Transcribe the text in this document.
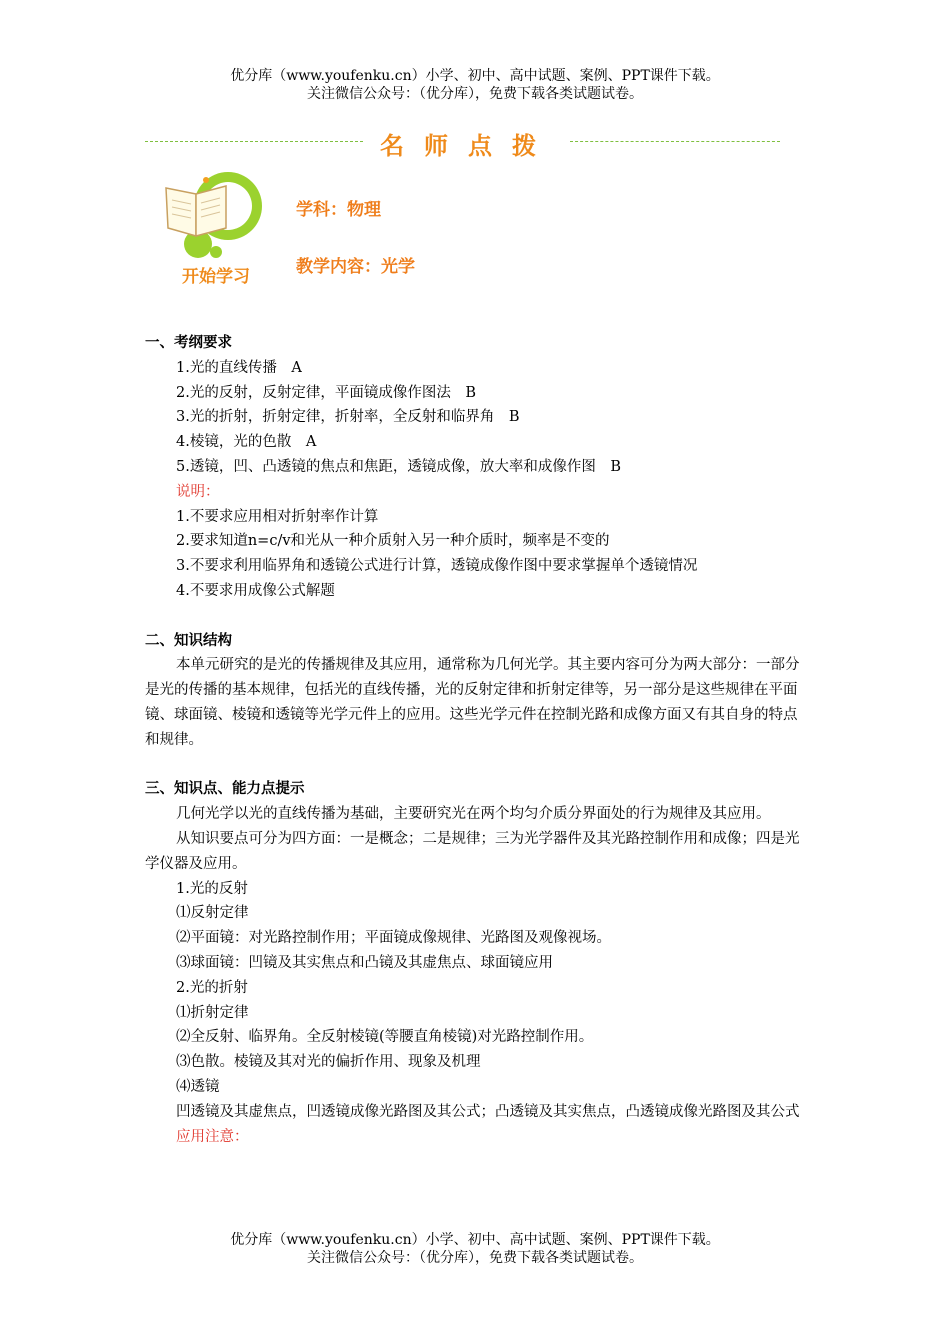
优分库（www.youfenku.cn）小学、初中、高中试题、案例、PPT课件下载。
关注微信公众号：（优分库），免费下载各类试题试卷。
名师点拨
开始学习
学科：物理
教学内容：光学

一、考纲要求

1.光的直线传播　A

2.光的反射，反射定律，平面镜成像作图法　B

3.光的折射，折射定律，折射率，全反射和临界角　B

4.棱镜，光的色散　A

5.透镜，凹、凸透镜的焦点和焦距，透镜成像，放大率和成像作图　B

说明：

1.不要求应用相对折射率作计算

2.要求知道n=c/v和光从一种介质射入另一种介质时，频率是不变的

3.不要求利用临界角和透镜公式进行计算，透镜成像作图中要求掌握单个透镜情况

4.不要求用成像公式解题

二、知识结构

本单元研究的是光的传播规律及其应用，通常称为几何光学。其主要内容可分为两大部分：一部分是光的传播的基本规律，包括光的直线传播，光的反射定律和折射定律等，另一部分是这些规律在平面镜、球面镜、棱镜和透镜等光学元件上的应用。这些光学元件在控制光路和成像方面又有其自身的特点和规律。

三、知识点、能力点提示

几何光学以光的直线传播为基础，主要研究光在两个均匀介质分界面处的行为规律及其应用。

从知识要点可分为四方面：一是概念；二是规律；三为光学器件及其光路控制作用和成像；四是光学仪器及应用。

1.光的反射

⑴反射定律

⑵平面镜：对光路控制作用；平面镜成像规律、光路图及观像视场。

⑶球面镜：凹镜及其实焦点和凸镜及其虚焦点、球面镜应用

2.光的折射

⑴折射定律

⑵全反射、临界角。全反射棱镜(等腰直角棱镜)对光路控制作用。

⑶色散。棱镜及其对光的偏折作用、现象及机理

⑷透镜

凹透镜及其虚焦点，凹透镜成像光路图及其公式；凸透镜及其实焦点，凸透镜成像光路图及其公式

应用注意：

优分库（www.youfenku.cn）小学、初中、高中试题、案例、PPT课件下载。
关注微信公众号：（优分库），免费下载各类试题试卷。
